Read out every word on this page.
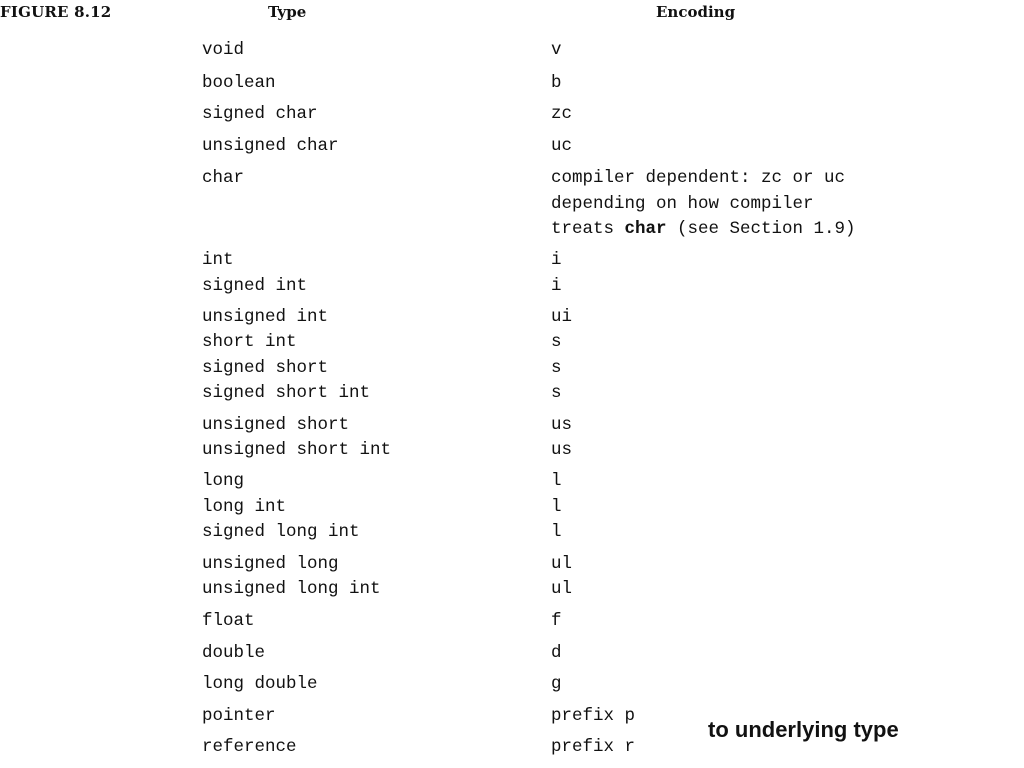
FIGURE 8.12	Type	Encoding
void	v
boolean	b
signed char	zc
unsigned char	uc
char	compiler dependent: zc or uc
depending on how compiler
treats char (see Section 1.9)
int	i
signed int	i
unsigned int	ui
short int	s
signed short	s
signed short int	s
unsigned short	us
unsigned short int	us
long	l
long int	l
signed long int	l
unsigned long	ul
unsigned long int	ul
float	f
double	d
long double	g
pointer	prefix p
reference	prefix r
to underlying type
